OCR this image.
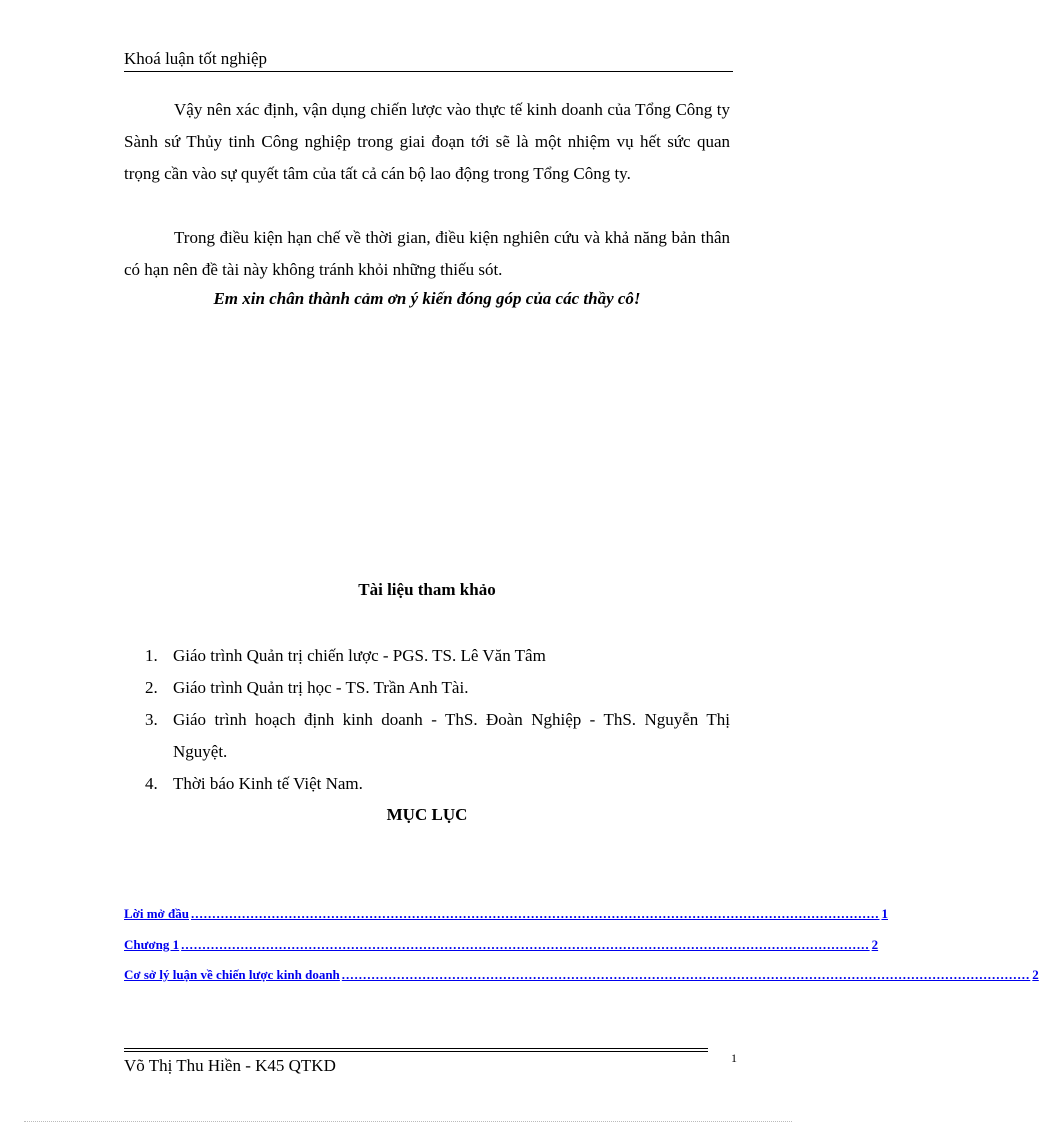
Khoá luận tốt nghiệp

Vậy nên xác định, vận dụng chiến lược vào thực tế kinh doanh của Tổng Công ty Sành sứ Thủy tinh Công nghiệp trong giai đoạn tới sẽ là một nhiệm vụ hết sức quan trọng cần vào sự quyết tâm của tất cả cán bộ lao động trong Tổng Công ty.

Trong điều kiện hạn chế về thời gian, điều kiện nghiên cứu và khả năng bản thân có hạn nên đề tài này không tránh khỏi những thiếu sót.

Em xin chân thành cảm ơn ý kiến đóng góp của các thầy cô!
Tài liệu tham khảo
1. Giáo trình Quản trị chiến lược - PGS. TS. Lê Văn Tâm
2. Giáo trình Quản trị học - TS. Trần Anh Tài.
3. Giáo trình hoạch định kinh doanh - ThS. Đoàn Nghiệp - ThS. Nguyễn Thị Nguyệt.
4. Thời báo Kinh tế Việt Nam.
MỤC LỤC
Lời mở đầu .................................................................................................................................................................. 1
Chương 1 .................................................................................................................................................................. 2
Cơ sở lý luận về chiến lược kinh doanh .................................................................................................................................................................. 2
Võ Thị Thu Hiền - K45 QTKD	1
